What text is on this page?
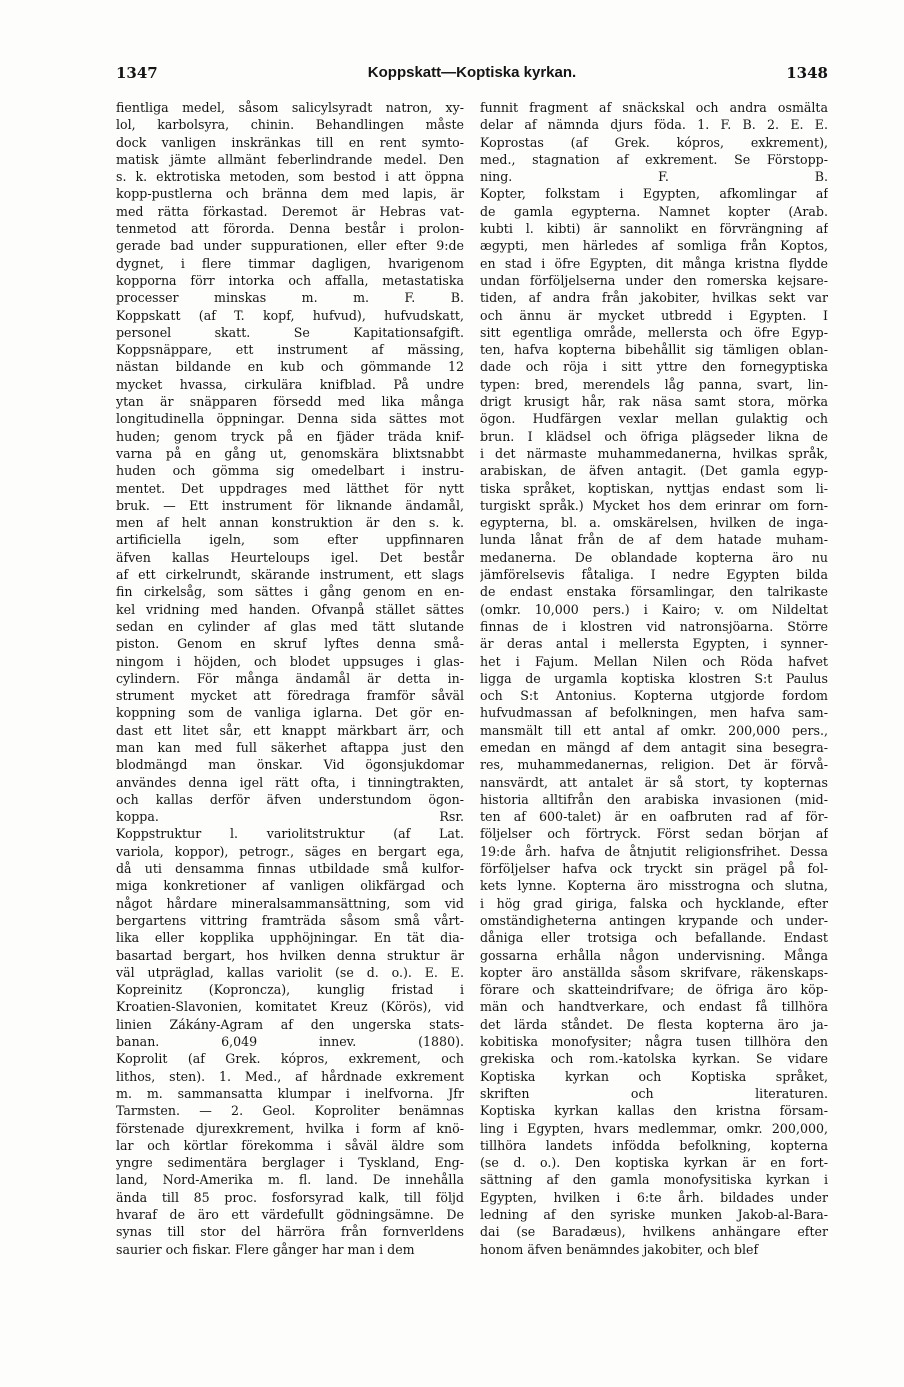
1347	Koppskatt—Koptiska kyrkan.	1348
fientliga medel, såsom salicylsyradt natron, xy-
lol, karbolsyra, chinin. Behandlingen måste
dock vanligen inskränkas till en rent symto-
matisk jämte allmänt feberlindrande medel. Den
s. k. ektrotiska metoden, som bestod i att öppna
kopp-pustlerna och bränna dem med lapis, är
med rätta förkastad. Deremot är Hebras vat-
tenmetod att förorda. Denna består i prolon-
gerade bad under suppurationen, eller efter 9:de
dygnet, i flere timmar dagligen, hvarigenom
kopporna förr intorka och affalla, metastatiska
processer minskas m. m. F. B.
Koppskatt (af T. kopf, hufvud), hufvudskatt,
personel skatt. Se Kapitationsafgift.
Koppsnäppare, ett instrument af mässing,
nästan bildande en kub och gömmande 12
mycket hvassa, cirkulära knifblad. På undre
ytan är snäpparen försedd med lika många
longitudinella öppningar. Denna sida sättes mot
huden; genom tryck på en fjäder träda knif-
varna på en gång ut, genomskära blixtsnabbt
huden och gömma sig omedelbart i instru-
mentet. Det uppdrages med lätthet för nytt
bruk. — Ett instrument för liknande ändamål,
men af helt annan konstruktion är den s. k.
artificiella igeln, som efter uppfinnaren
äfven kallas Heurteloups igel. Det består
af ett cirkelrundt, skärande instrument, ett slags
fin cirkelsåg, som sättes i gång genom en en-
kel vridning med handen. Ofvanpå stället sättes
sedan en cylinder af glas med tätt slutande
piston. Genom en skruf lyftes denna små-
ningom i höjden, och blodet uppsuges i glas-
cylindern. För många ändamål är detta in-
strument mycket att föredraga framför såväl
koppning som de vanliga iglarna. Det gör en-
dast ett litet sår, ett knappt märkbart ärr, och
man kan med full säkerhet aftappa just den
blodmängd man önskar. Vid ögonsjukdomar
användes denna igel rätt ofta, i tinningtrakten,
och kallas derför äfven understundom ögon-
koppa. Rsr.
Koppstruktur l. variolitstruktur (af Lat.
variola, koppor), petrogr., säges en bergart ega,
då uti densamma finnas utbildade små kulfor-
miga konkretioner af vanligen olikfärgad och
något hårdare mineralsammansättning, som vid
bergartens vittring framträda såsom små vårt-
lika eller kopplika upphöjningar. En tät dia-
basartad bergart, hos hvilken denna struktur är
väl utpräglad, kallas variolit (se d. o.). E. E.
Kopreinitz (Koproncza), kunglig fristad i
Kroatien-Slavonien, komitatet Kreuz (Körös), vid
linien Zákány-Agram af den ungerska stats-
banan. 6,049 innev. (1880).
Koprolit (af Grek. kópros, exkrement, och
lithos, sten). 1. Med., af hårdnade exkrement
m. m. sammansatta klumpar i inelfvorna. Jfr
Tarmsten. — 2. Geol. Koproliter benämnas
förstenade djurexkrement, hvilka i form af knö-
lar och körtlar förekomma i såväl äldre som
yngre sedimentära berglager i Tyskland, Eng-
land, Nord-Amerika m. fl. land. De innehålla
ända till 85 proc. fosforsyrad kalk, till följd
hvaraf de äro ett värdefullt gödningsämne. De
synas till stor del härröra från fornverldens
saurier och fiskar. Flere gånger har man i dem
funnit fragment af snäckskal och andra osmälta
delar af nämnda djurs föda. 1. F. B. 2. E. E.
Koprostas (af Grek. kópros, exkrement),
med., stagnation af exkrement. Se Förstopp-
ning. F. B.
Kopter, folkstam i Egypten, afkomlingar af
de gamla egypterna. Namnet kopter (Arab.
kubti l. kibti) är sannolikt en förvrängning af
ægypti, men härledes af somliga från Koptos,
en stad i öfre Egypten, dit många kristna flydde
undan förföljelserna under den romerska kejsare-
tiden, af andra från jakobiter, hvilkas sekt var
och ännu är mycket utbredd i Egypten. I
sitt egentliga område, mellersta och öfre Egyp-
ten, hafva kopterna bibehållit sig tämligen oblan-
dade och röja i sitt yttre den fornegyptiska
typen: bred, merendels låg panna, svart, lin-
drigt krusigt hår, rak näsa samt stora, mörka
ögon. Hudfärgen vexlar mellan gulaktig och
brun. I klädsel och öfriga plägseder likna de
i det närmaste muhammedanerna, hvilkas språk,
arabiskan, de äfven antagit. (Det gamla egyp-
tiska språket, koptiskan, nyttjas endast som li-
turgiskt språk.) Mycket hos dem erinrar om forn-
egypterna, bl. a. omskärelsen, hvilken de inga-
lunda lånat från de af dem hatade muham-
medanerna. De oblandade kopterna äro nu
jämförelsevis fåtaliga. I nedre Egypten bilda
de endast enstaka församlingar, den talrikaste
(omkr. 10,000 pers.) i Kairo; v. om Nildeltat
finnas de i klostren vid natronsjöarna. Större
är deras antal i mellersta Egypten, i synner-
het i Fajum. Mellan Nilen och Röda hafvet
ligga de urgamla koptiska klostren S:t Paulus
och S:t Antonius. Kopterna utgjorde fordom
hufvudmassan af befolkningen, men hafva sam-
mansmält till ett antal af omkr. 200,000 pers.,
emedan en mängd af dem antagit sina besegra-
res, muhammedanernas, religion. Det är förvå-
nansvärdt, att antalet är så stort, ty kopternas
historia alltifrån den arabiska invasionen (mid-
ten af 600-talet) är en oafbruten rad af för-
följelser och förtryck. Först sedan början af
19:de årh. hafva de åtnjutit religionsfrihet. Dessa
förföljelser hafva ock tryckt sin prägel på fol-
kets lynne. Kopterna äro misstrogna och slutna,
i hög grad giriga, falska och hycklande, efter
omständigheterna antingen krypande och under-
dåniga eller trotsiga och befallande. Endast
gossarna erhålla någon undervisning. Många
kopter äro anställda såsom skrifvare, räkenskaps-
förare och skatteindrifvare; de öfriga äro köp-
män och handtverkare, och endast få tillhöra
det lärda ståndet. De flesta kopterna äro ja-
kobitiska monofysiter; några tusen tillhöra den
grekiska och rom.-katolska kyrkan. Se vidare
Koptiska kyrkan och Koptiska språket,
skriften och literaturen.
Koptiska kyrkan kallas den kristna försam-
ling i Egypten, hvars medlemmar, omkr. 200,000,
tillhöra landets infödda befolkning, kopterna
(se d. o.). Den koptiska kyrkan är en fort-
sättning af den gamla monofysitiska kyrkan i
Egypten, hvilken i 6:te årh. bildades under
ledning af den syriske munken Jakob-al-Bara-
dai (se Baradæus), hvilkens anhängare efter
honom äfven benämndes jakobiter, och blef
